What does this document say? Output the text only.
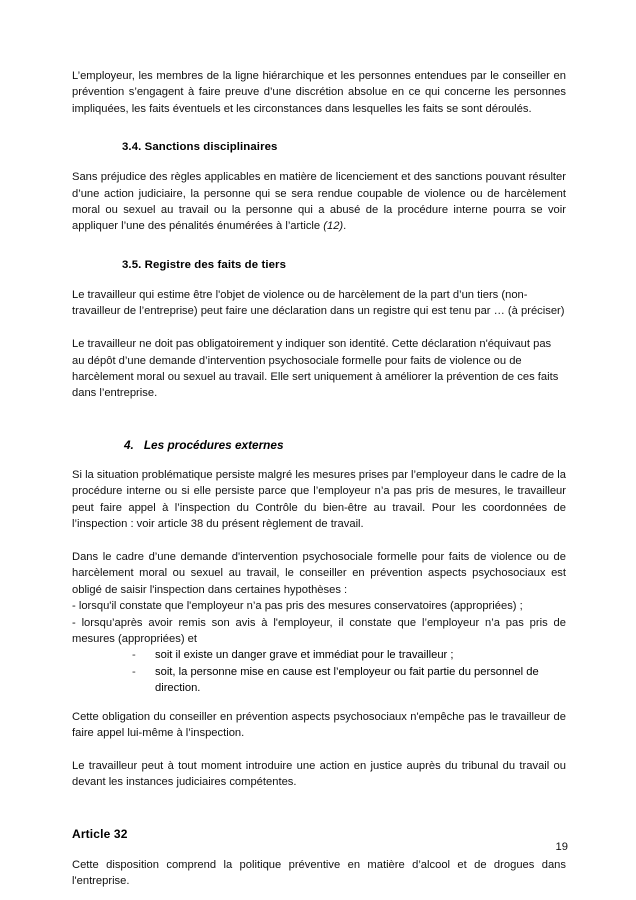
L’employeur, les membres de la ligne hiérarchique et les personnes entendues par le conseiller en prévention s’engagent à faire preuve d’une discrétion absolue en ce qui concerne les personnes impliquées, les faits éventuels et les circonstances dans lesquelles les faits se sont déroulés.

3.4. Sanctions disciplinaires

Sans préjudice des règles applicables en matière de licenciement et des sanctions pouvant résulter d’une action judiciaire, la personne qui se sera rendue coupable de violence ou de harcèlement moral ou sexuel au travail ou la personne qui a abusé de la procédure interne pourra se voir appliquer l’une des pénalités énumérées à l’article (12).

3.5. Registre des faits de tiers

Le travailleur qui estime être l'objet de violence ou de harcèlement de la part d’un tiers (non-travailleur de l’entreprise) peut faire une déclaration dans un registre qui est tenu par … (à préciser)

Le travailleur ne doit pas obligatoirement y indiquer son identité. Cette déclaration n'équivaut pas au dépôt d’une demande d’intervention psychosociale formelle pour faits de violence ou de harcèlement moral ou sexuel au travail. Elle sert uniquement à améliorer la prévention de ces faits dans l’entreprise.

4. Les procédures externes

Si la situation problématique persiste malgré les mesures prises par l’employeur dans le cadre de la procédure interne ou si elle persiste parce que l’employeur n’a pas pris de mesures, le travailleur peut faire appel à l’inspection du Contrôle du bien-être au travail. Pour les coordonnées de l’inspection : voir article 38 du présent règlement de travail.

Dans le cadre d’une demande d'intervention psychosociale formelle pour faits de violence ou de harcèlement moral ou sexuel au travail, le conseiller en prévention aspects psychosociaux est obligé de saisir l'inspection dans certaines hypothèses :

- lorsqu'il constate que l'employeur n’a pas pris des mesures conservatoires (appropriées) ;

- lorsqu’après avoir remis son avis à l'employeur, il constate que l’employeur n’a pas pris de mesures (appropriées) et

-	soit il existe un danger grave et immédiat pour le travailleur ;
-	soit, la personne mise en cause est l’employeur ou fait partie du personnel de direction.

Cette obligation du conseiller en prévention aspects psychosociaux n'empêche pas le travailleur de faire appel lui-même à l’inspection.

Le travailleur peut à tout moment introduire une action en justice auprès du tribunal du travail ou devant les instances judiciaires compétentes.

Article 32

Cette disposition comprend la politique préventive en matière d’alcool et de drogues dans l'entreprise.

19
